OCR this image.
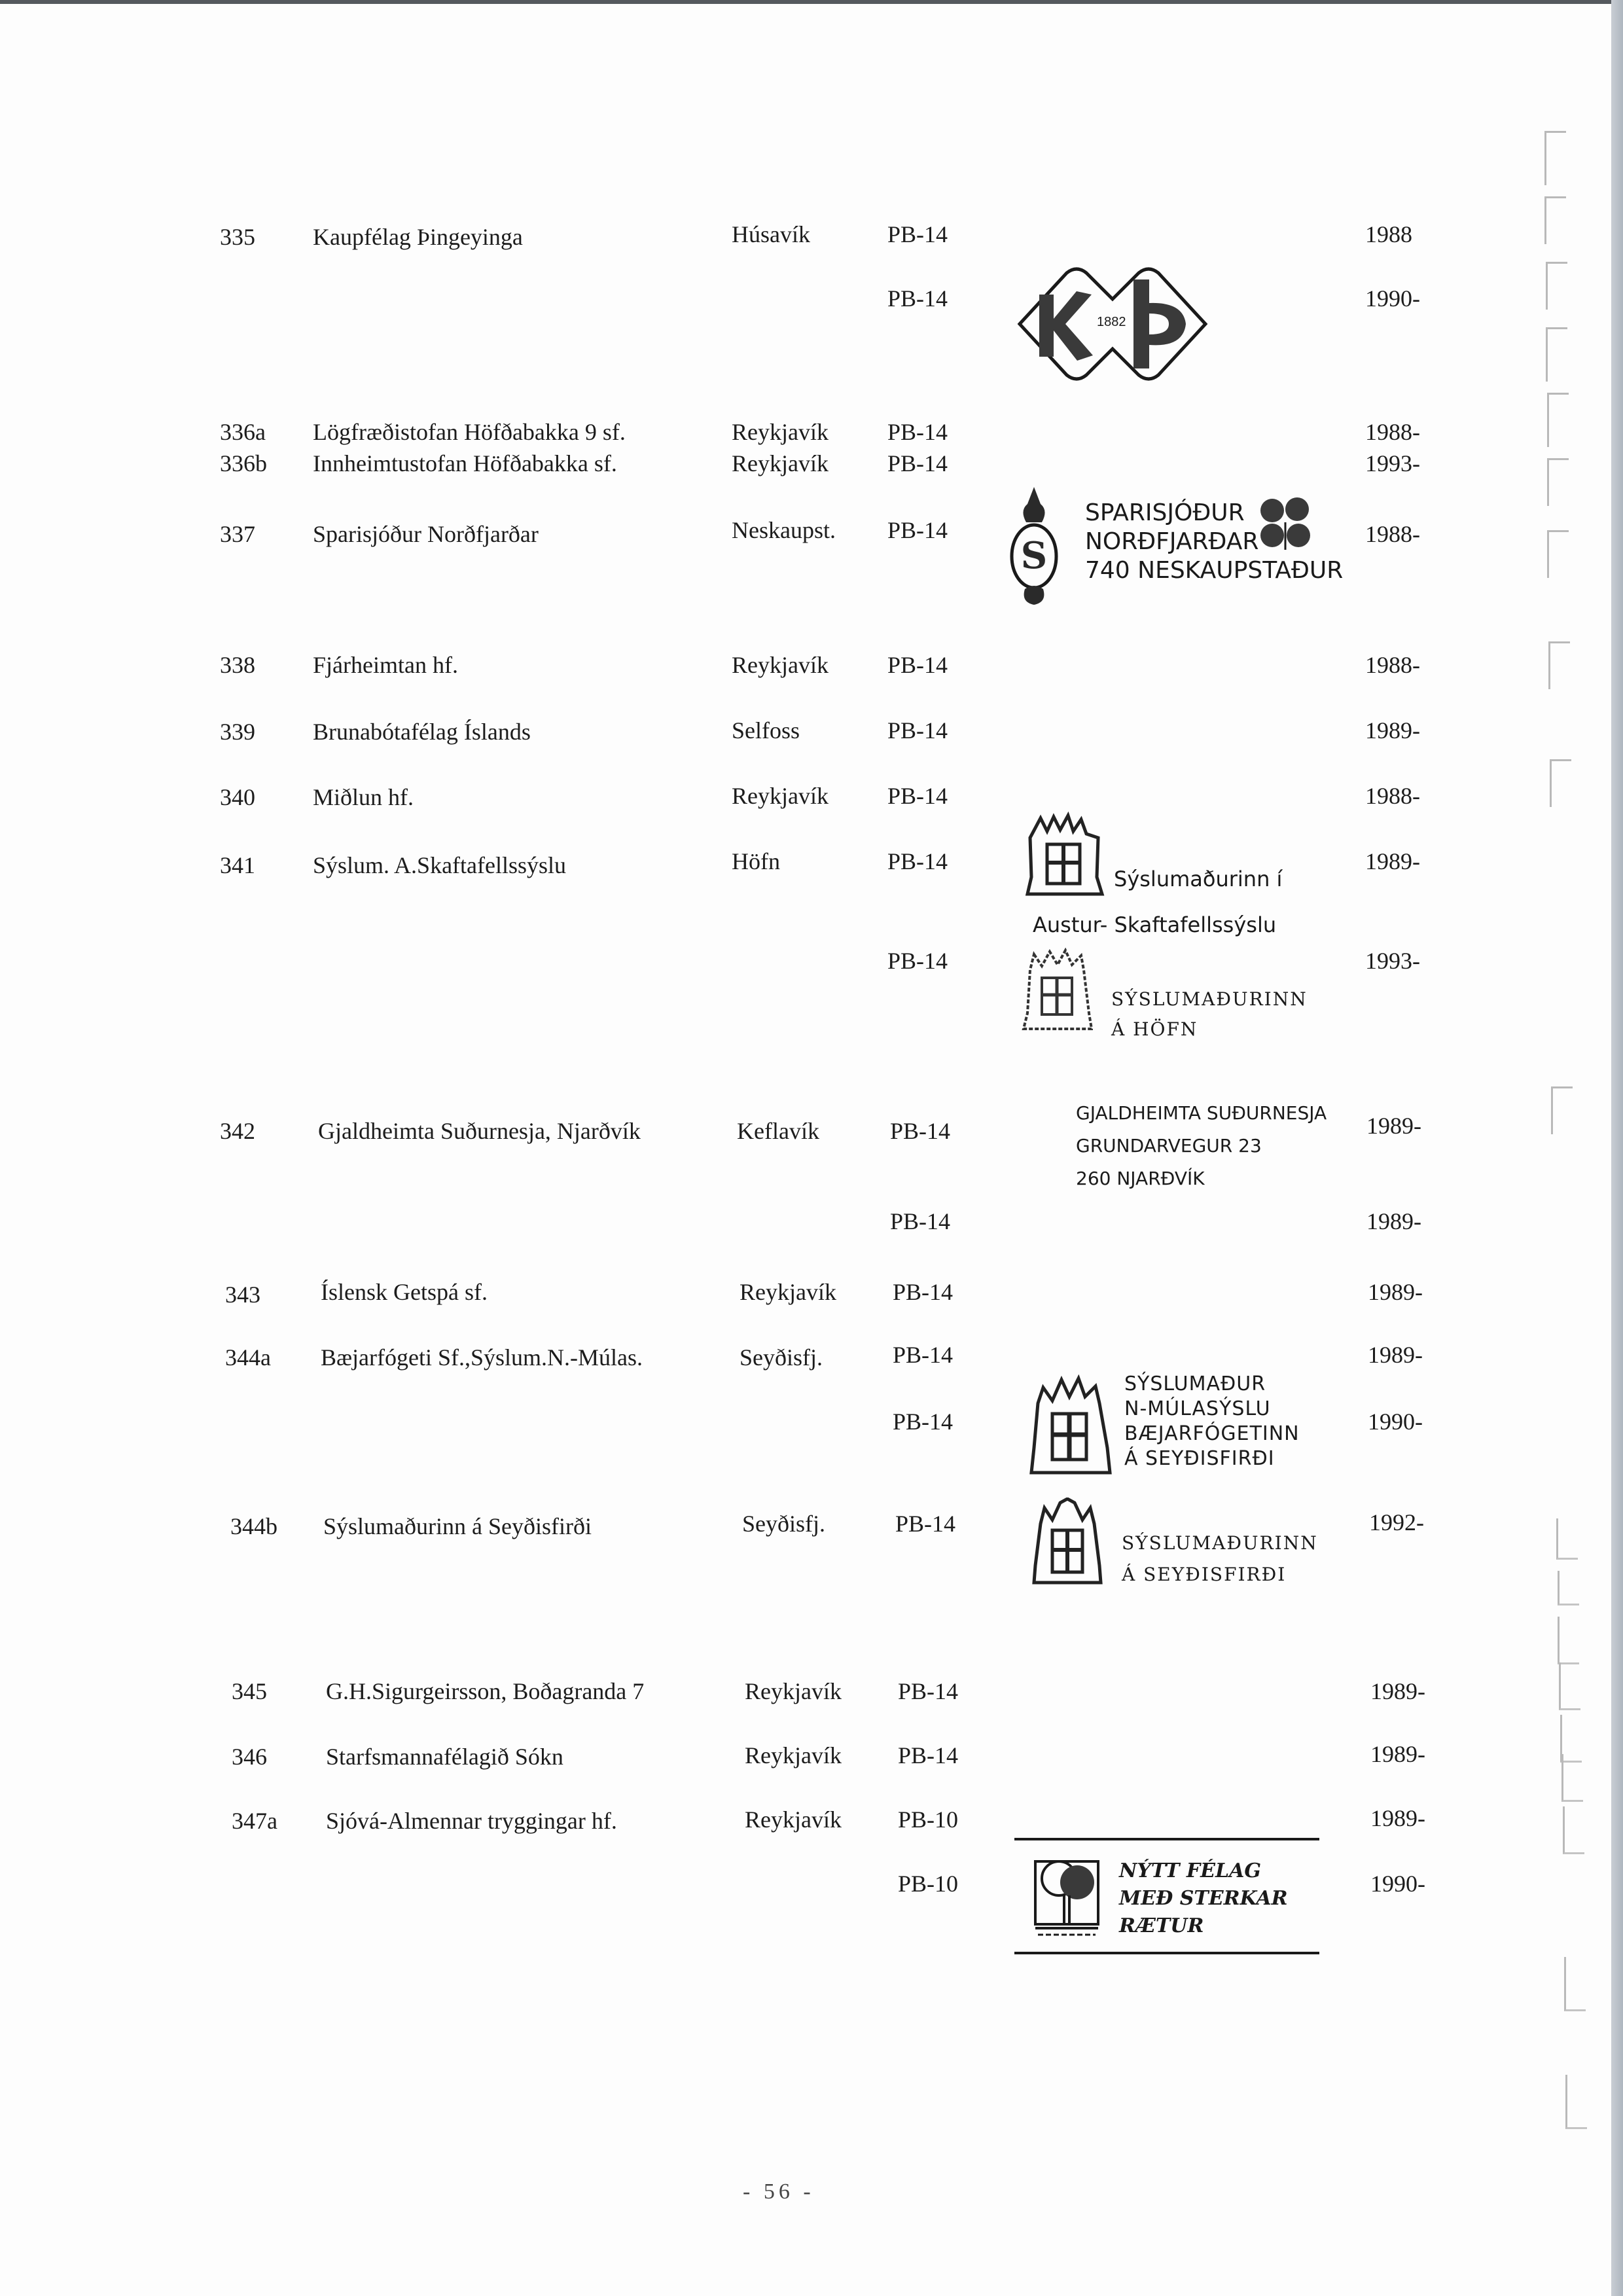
335 Kaupfélag Þingeyinga	Húsavík	PB-14	1988
PB-14	1990-
1882
336a Lögfræðistofan Höfðabakka 9 sf.	Reykjavík	PB-14	1988-
336b Innheimtustofan Höfðabakka sf.	Reykjavík	PB-14	1993-
337 Sparisjóður Norðfjarðar	Neskaupst. PB-14	1988-
S
SPARISJÓÐUR
NORÐFJARÐAR
740 NESKAUPSTAÐUR
338 Fjárheimtan hf.	Reykjavík	PB-14	1988-
339 Brunabótafélag Íslands	Selfoss	PB-14	1989-
340 Miðlun hf.	Reykjavík	PB-14	1988-
341 Sýslum. A.Skaftafellssýslu	Höfn	PB-14	1989-
PB-14	1993-
Sýslumaðurinn í
Austur- Skaftafellssýslu
SÝSLUMAÐURINN
Á HÖFN
342	Gjaldheimta Suðurnesja, Njarðvík	Keflavík	PB-14	1989-
PB-14	1989-
GJALDHEIMTA SUÐURNESJA
GRUNDARVEGUR 23
260 NJARÐVÍK
343	Íslensk Getspá sf.	Reykjavík PB-14	1989-
344a Bæjarfógeti Sf.,Sýslum.N.-Múlas.	Seyðisfj.	PB-14	1989-
PB-14	1990-
SÝSLUMAÐUR
N-MÚLASÝSLU
BÆJARFÓGETINN
Á SEYÐISFIRÐI
344b Sýslumaðurinn á Seyðisfirði	Seyðisfj.	PB-14	1992-
SÝSLUMAÐURINN
Á SEYÐISFIRÐI
345	G.H.Sigurgeirsson, Boðagranda 7	Reykjavík PB-14	1989-
346	Starfsmannafélagið Sókn	Reykjavík PB-14	1989-
347a Sjóvá-Almennar tryggingar hf.	Reykjavík PB-10	1989-
PB-10	1990-
NÝTT FÉLAG
MEÐ STERKAR
RÆTUR
- 56 -
